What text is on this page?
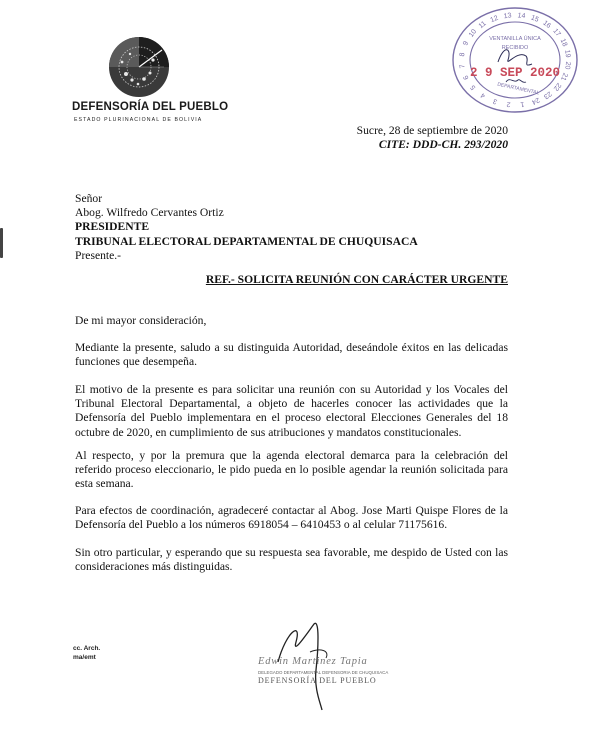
DEFENSORÍA DEL PUEBLO
ESTADO PLURINACIONAL DE BOLIVIA
11
12 13 14 15
16
17
18
19
20
21
22
23
24
1
2
3
4
5
6
7
8
9
10
VENTANILLA ÚNICA
RECIBIDO
2 9 SEP 2020
DEPARTAMENTAL
Sucre, 28 de septiembre de 2020
CITE: DDD-CH. 293/2020
Señor
Abog. Wilfredo Cervantes Ortiz
PRESIDENTE
TRIBUNAL ELECTORAL DEPARTAMENTAL DE CHUQUISACA
Presente.-
REF.- SOLICITA REUNIÓN CON CARÁCTER URGENTE
De mi mayor consideración,
Mediante la presente, saludo a su distinguida Autoridad, deseándole éxitos en las delicadas funciones que desempeña.
El motivo de la presente es para solicitar una reunión con su Autoridad y los Vocales del Tribunal Electoral Departamental, a objeto de hacerles conocer las actividades que la Defensoría del Pueblo implementara en el proceso electoral Elecciones Generales del 18 octubre de 2020, en cumplimiento de sus atribuciones y mandatos constitucionales.
Al respecto, y por la premura que la agenda electoral demarca para la celebración del referido proceso eleccionario, le pido pueda en lo posible agendar la reunión solicitada para esta semana.
Para efectos de coordinación, agradeceré contactar al Abog. Jose Marti Quispe Flores de la Defensoría del Pueblo a los números 6918054 – 6410453 o al celular 71175616.
Sin otro particular, y esperando que su respuesta sea favorable, me despido de Usted con las consideraciones más distinguidas.
cc. Arch.
ma/emt	Edwin Martinez Tapia
DELEGADO DEPARTAMENTAL DEFENSORIA DE CHUQUISACA
DEFENSORÍA DEL PUEBLO
